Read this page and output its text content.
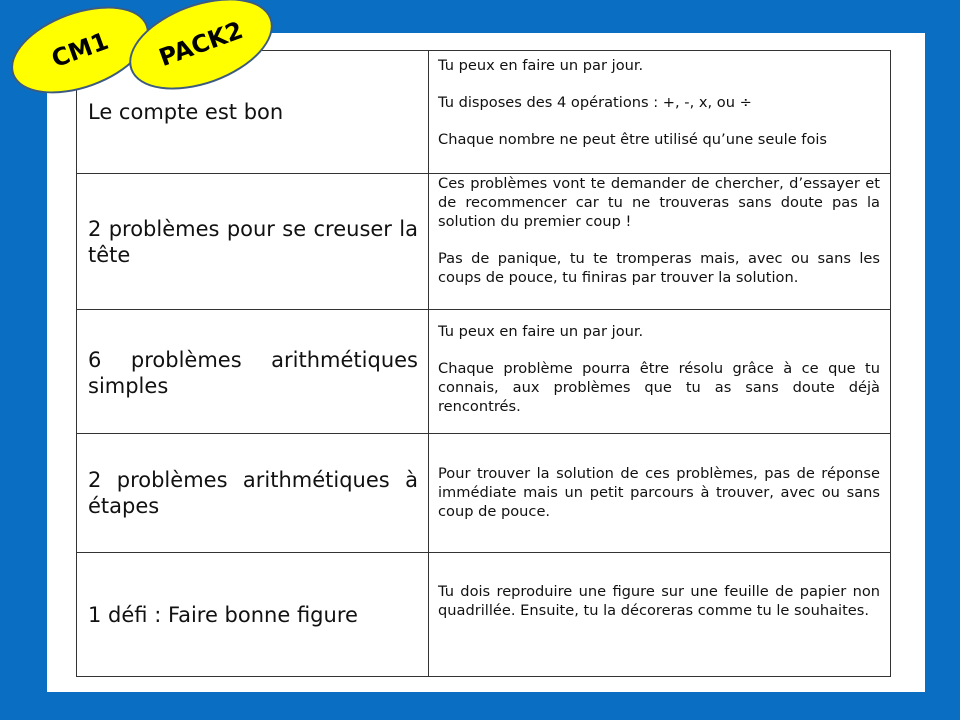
Le compte est bon	Tu peux en faire un par jour.

Tu disposes des 4 opérations : +, -, x, ou ÷

Chaque nombre ne peut être utilisé qu’une seule fois

2 problèmes pour se creuser la tête	Ces problèmes vont te demander de chercher, d’essayer et de recommencer car tu ne trouveras sans doute pas la solution du premier coup !

Pas de panique, tu te tromperas mais, avec ou sans les coups de pouce, tu finiras par trouver la solution.

6 problèmes arithmétiques simples	Tu peux en faire un par jour.

Chaque problème pourra être résolu grâce à ce que tu connais, aux problèmes que tu as sans doute déjà rencontrés.

2 problèmes arithmétiques à étapes	Pour trouver la solution de ces problèmes, pas de réponse immédiate mais un petit parcours à trouver, avec ou sans coup de pouce.

1 défi : Faire bonne figure	Tu dois reproduire une figure sur une feuille de papier non quadrillée. Ensuite, tu la décoreras comme tu le souhaites.

CM1 PACK2
